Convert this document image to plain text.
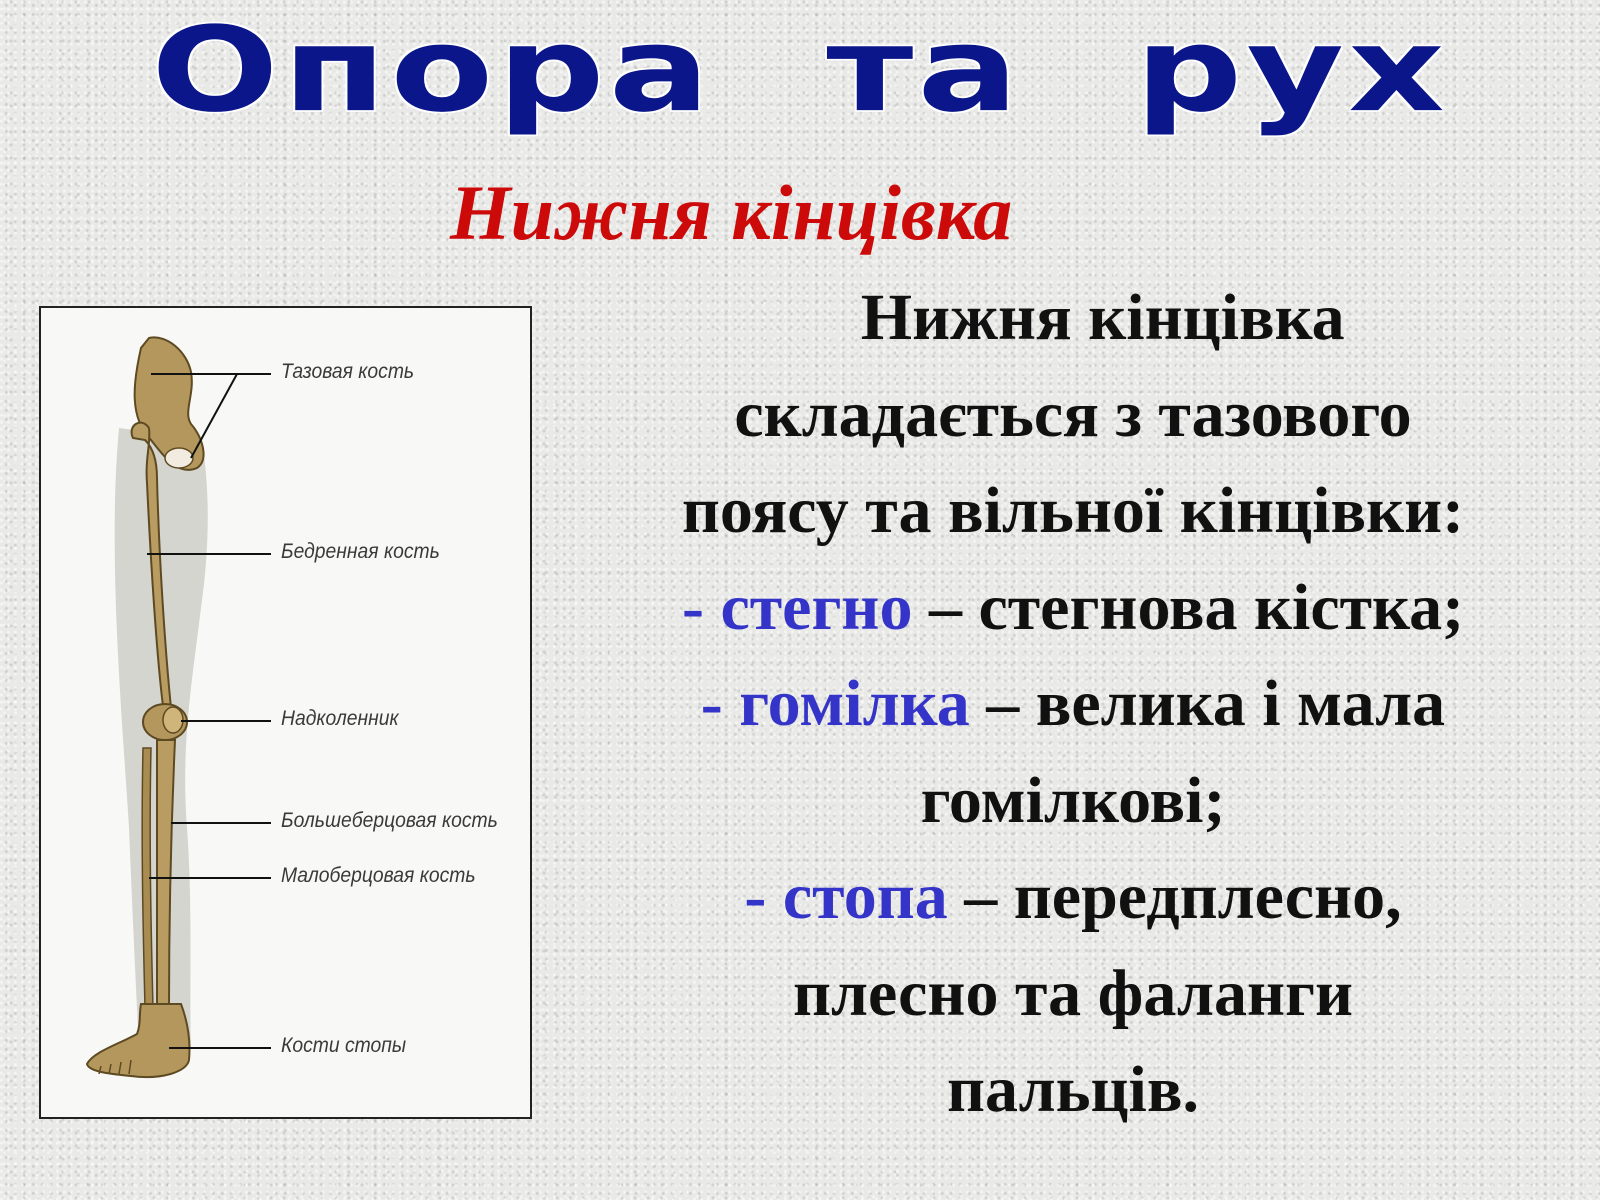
Опора  та  рух
Нижня кінцівка
Тазовая кость
Бедренная кость
Надколенник
Большеберцовая кость
Малоберцовая кость
Кости стопы
Нижня кінцівка
складається з тазового
поясу та вільної кінцівки:
- стегно – стегнова кістка;
- гомілка – велика і мала
гомілкові;
- стопа – передплесно,
плесно та фаланги
пальців.
